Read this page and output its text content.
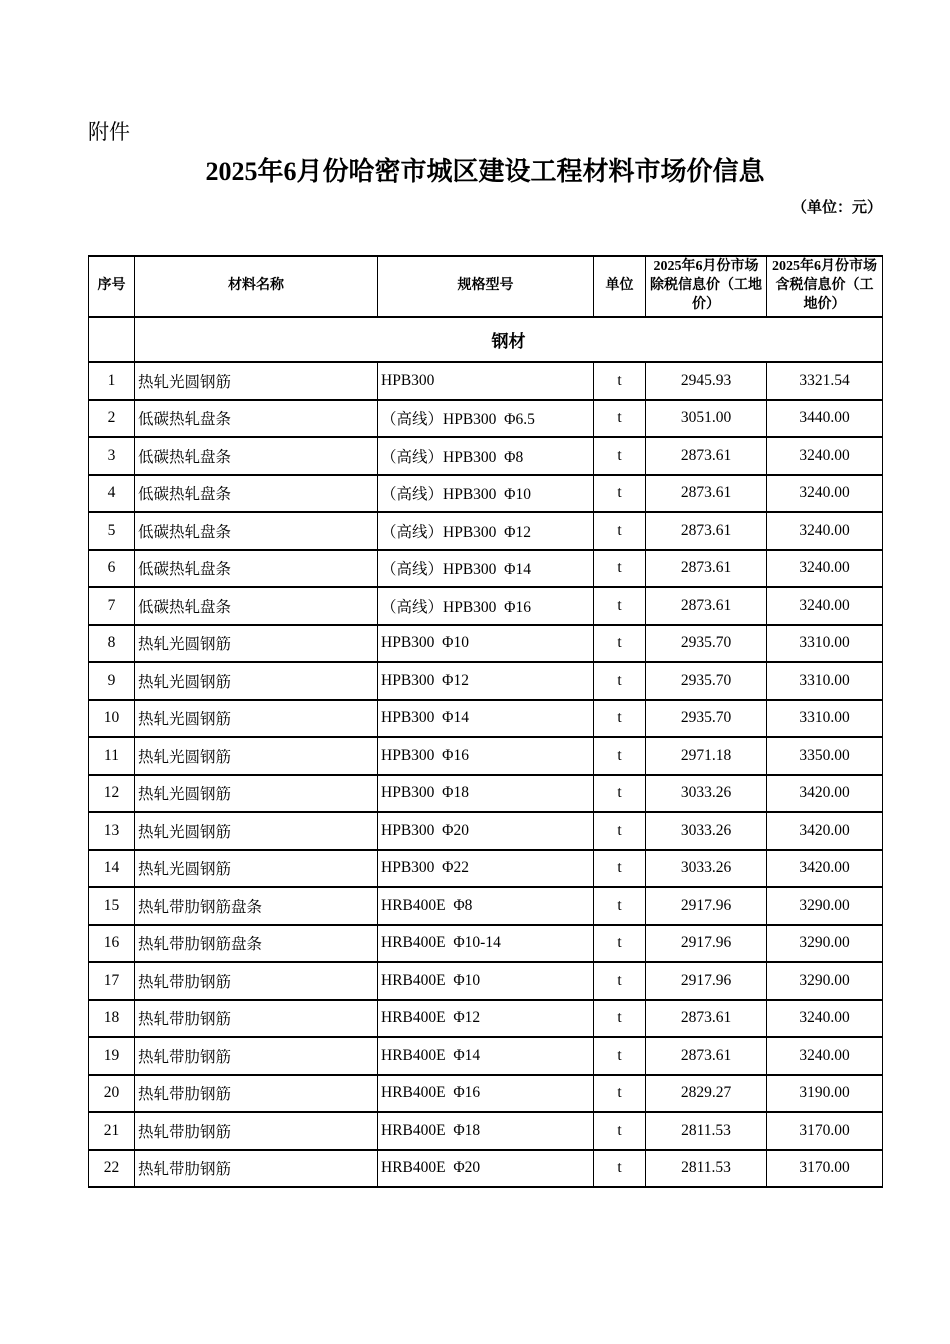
附件
2025年6月份哈密市城区建设工程材料市场价信息
（单位：元）
序号	材料名称	规格型号	单位	2025年6月份市场除税信息价（工地价）	2025年6月份市场含税信息价（工地价）
	钢材				
1	热轧光圆钢筋	HPB300	t	2945.93	3321.54
2	低碳热轧盘条	（高线）HPB300  Φ6.5	t	3051.00	3440.00
3	低碳热轧盘条	（高线）HPB300  Φ8	t	2873.61	3240.00
4	低碳热轧盘条	（高线）HPB300  Φ10	t	2873.61	3240.00
5	低碳热轧盘条	（高线）HPB300  Φ12	t	2873.61	3240.00
6	低碳热轧盘条	（高线）HPB300  Φ14	t	2873.61	3240.00
7	低碳热轧盘条	（高线）HPB300  Φ16	t	2873.61	3240.00
8	热轧光圆钢筋	HPB300  Φ10	t	2935.70	3310.00
9	热轧光圆钢筋	HPB300  Φ12	t	2935.70	3310.00
10	热轧光圆钢筋	HPB300  Φ14	t	2935.70	3310.00
11	热轧光圆钢筋	HPB300  Φ16	t	2971.18	3350.00
12	热轧光圆钢筋	HPB300  Φ18	t	3033.26	3420.00
13	热轧光圆钢筋	HPB300  Φ20	t	3033.26	3420.00
14	热轧光圆钢筋	HPB300  Φ22	t	3033.26	3420.00
15	热轧带肋钢筋盘条	HRB400E  Φ8	t	2917.96	3290.00
16	热轧带肋钢筋盘条	HRB400E  Φ10-14	t	2917.96	3290.00
17	热轧带肋钢筋	HRB400E  Φ10	t	2917.96	3290.00
18	热轧带肋钢筋	HRB400E  Φ12	t	2873.61	3240.00
19	热轧带肋钢筋	HRB400E  Φ14	t	2873.61	3240.00
20	热轧带肋钢筋	HRB400E  Φ16	t	2829.27	3190.00
21	热轧带肋钢筋	HRB400E  Φ18	t	2811.53	3170.00
22	热轧带肋钢筋	HRB400E  Φ20	t	2811.53	3170.00
